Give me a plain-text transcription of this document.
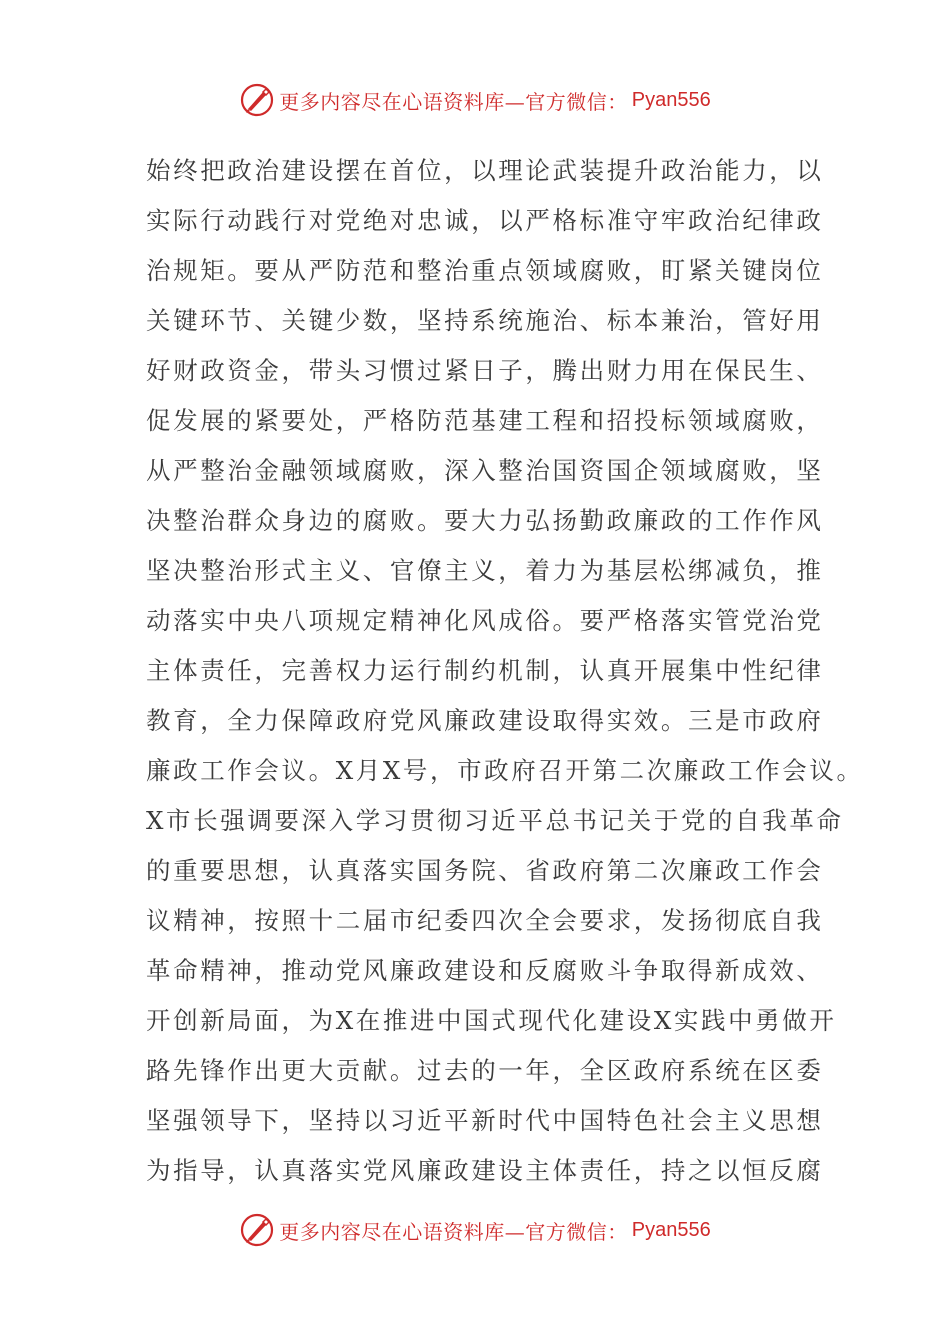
更多内容尽在心语资料库—官方微信： Pyan556
始终把政治建设摆在首位，以理论武装提升政治能力，以
实际行动践行对党绝对忠诚，以严格标准守牢政治纪律政
治规矩。要从严防范和整治重点领域腐败，盯紧关键岗位
关键环节、关键少数，坚持系统施治、标本兼治，管好用
好财政资金，带头习惯过紧日子，腾出财力用在保民生、
促发展的紧要处，严格防范基建工程和招投标领域腐败，
从严整治金融领域腐败，深入整治国资国企领域腐败，坚
决整治群众身边的腐败。要大力弘扬勤政廉政的工作作风
坚决整治形式主义、官僚主义，着力为基层松绑减负，推
动落实中央八项规定精神化风成俗。要严格落实管党治党
主体责任，完善权力运行制约机制，认真开展集中性纪律
教育，全力保障政府党风廉政建设取得实效。三是市政府
廉政工作会议。X月X号，市政府召开第二次廉政工作会议。
X市长强调要深入学习贯彻习近平总书记关于党的自我革命
的重要思想，认真落实国务院、省政府第二次廉政工作会
议精神，按照十二届市纪委四次全会要求，发扬彻底自我
革命精神，推动党风廉政建设和反腐败斗争取得新成效、
开创新局面，为X在推进中国式现代化建设X实践中勇做开
路先锋作出更大贡献。过去的一年，全区政府系统在区委
坚强领导下，坚持以习近平新时代中国特色社会主义思想
为指导，认真落实党风廉政建设主体责任，持之以恒反腐
更多内容尽在心语资料库—官方微信： Pyan556
